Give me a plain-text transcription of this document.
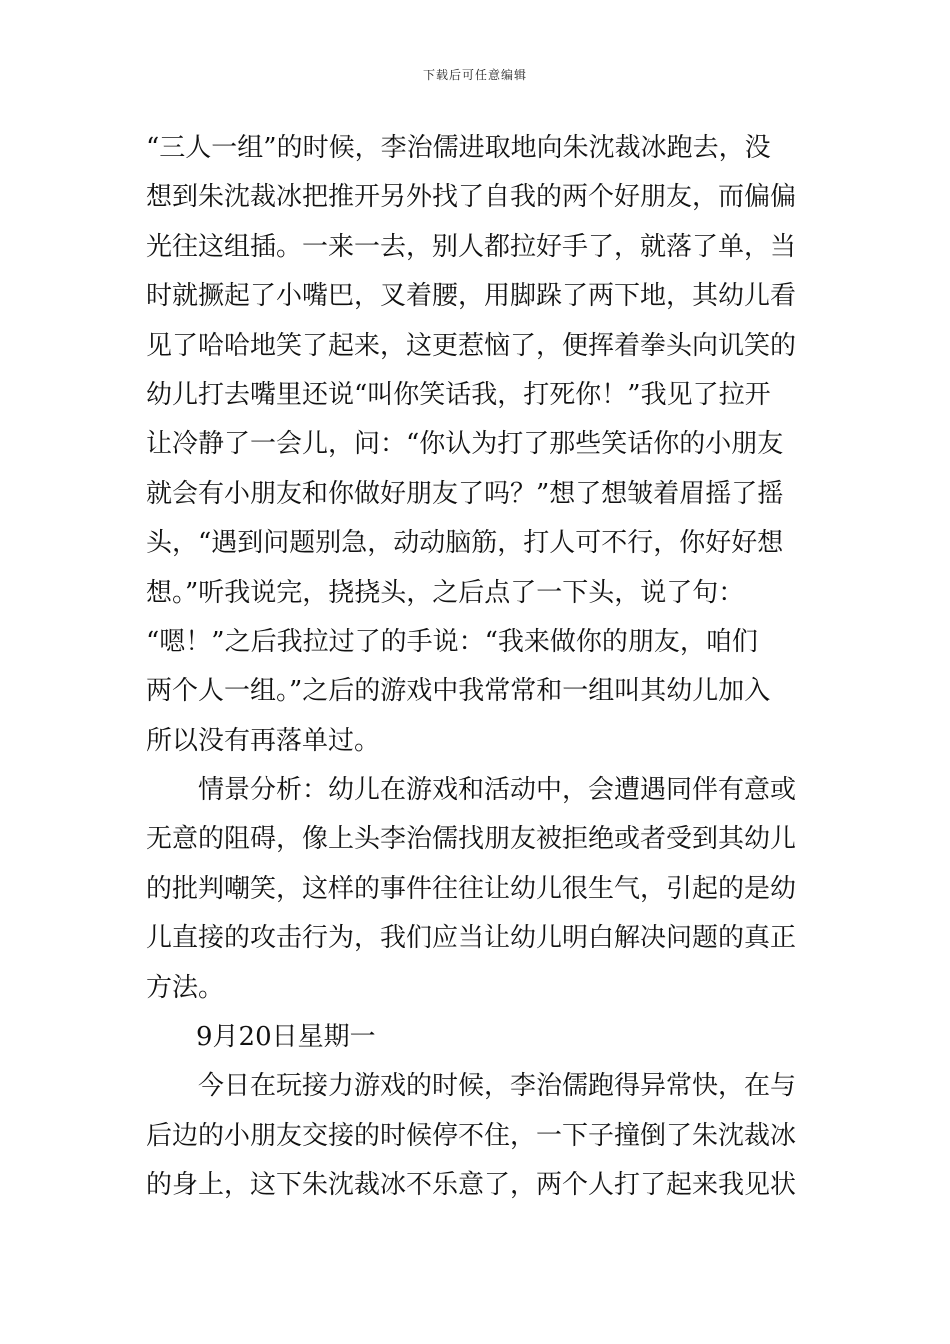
下载后可任意编辑
“三人一组”的时候，李治儒进取地向朱沈裁冰跑去，没
想到朱沈裁冰把推开另外找了自我的两个好朋友，而偏偏
光往这组插。一来一去，别人都拉好手了，就落了单，当
时就撅起了小嘴巴，叉着腰，用脚跺了两下地，其幼儿看
见了哈哈地笑了起来，这更惹恼了，便挥着拳头向讥笑的
幼儿打去嘴里还说“叫你笑话我，打死你！”我见了拉开
让冷静了一会儿，问：“你认为打了那些笑话你的小朋友
就会有小朋友和你做好朋友了吗？”想了想皱着眉摇了摇
头，“遇到问题别急，动动脑筋，打人可不行，你好好想
想。”听我说完，挠挠头，之后点了一下头，说了句：
“嗯！”之后我拉过了的手说：“我来做你的朋友，咱们
两个人一组。”之后的游戏中我常常和一组叫其幼儿加入
所以没有再落单过。
情景分析：幼儿在游戏和活动中，会遭遇同伴有意或
无意的阻碍，像上头李治儒找朋友被拒绝或者受到其幼儿
的批判嘲笑，这样的事件往往让幼儿很生气，引起的是幼
儿直接的攻击行为，我们应当让幼儿明白解决问题的真正
方法。
9月20日星期一
今日在玩接力游戏的时候，李治儒跑得异常快，在与
后边的小朋友交接的时候停不住，一下子撞倒了朱沈裁冰
的身上，这下朱沈裁冰不乐意了，两个人打了起来我见状
